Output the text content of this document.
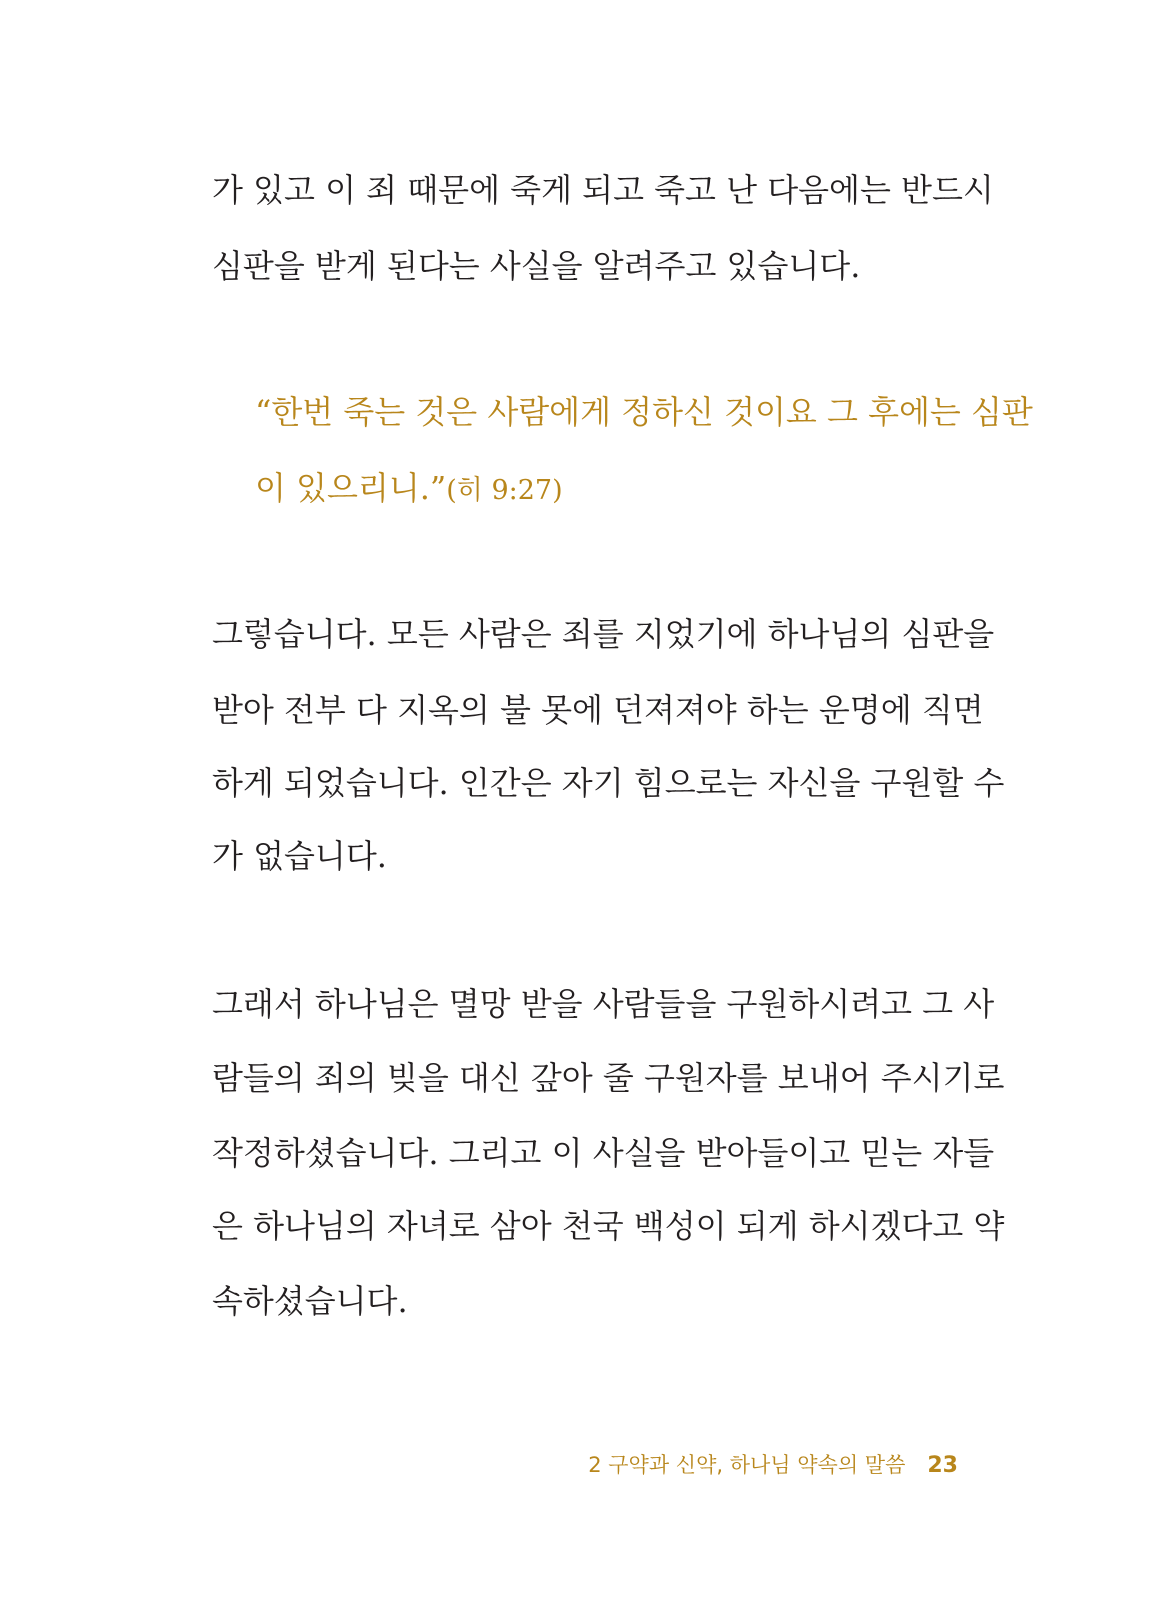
가 있고 이 죄 때문에 죽게 되고 죽고 난 다음에는 반드시
심판을 받게 된다는 사실을 알려주고 있습니다.
“한번 죽는 것은 사람에게 정하신 것이요 그 후에는 심판
이 있으리니.”(히 9:27)
그렇습니다. 모든 사람은 죄를 지었기에 하나님의 심판을
받아 전부 다 지옥의 불 못에 던져져야 하는 운명에 직면
하게 되었습니다. 인간은 자기 힘으로는 자신을 구원할 수
가 없습니다.
그래서 하나님은 멸망 받을 사람들을 구원하시려고 그 사
람들의 죄의 빚을 대신 갚아 줄 구원자를 보내어 주시기로
작정하셨습니다. 그리고 이 사실을 받아들이고 믿는 자들
은 하나님의 자녀로 삼아 천국 백성이 되게 하시겠다고 약
속하셨습니다.
2 구약과 신약, 하나님 약속의 말씀 23
